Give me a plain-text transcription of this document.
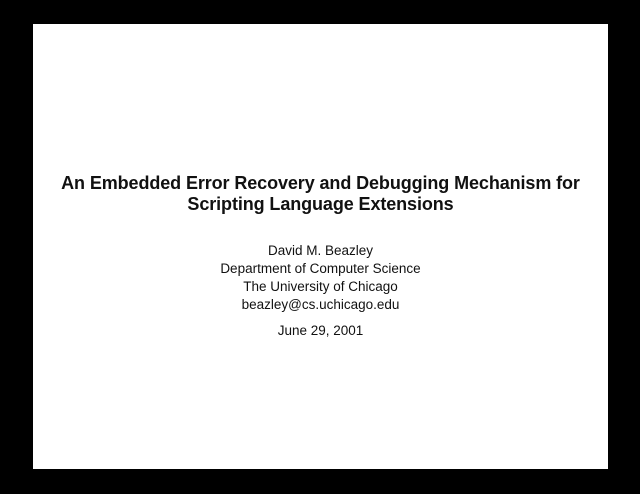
An Embedded Error Recovery and Debugging Mechanism for
Scripting Language Extensions
David M. Beazley
Department of Computer Science
The University of Chicago
beazley@cs.uchicago.edu
June 29, 2001
